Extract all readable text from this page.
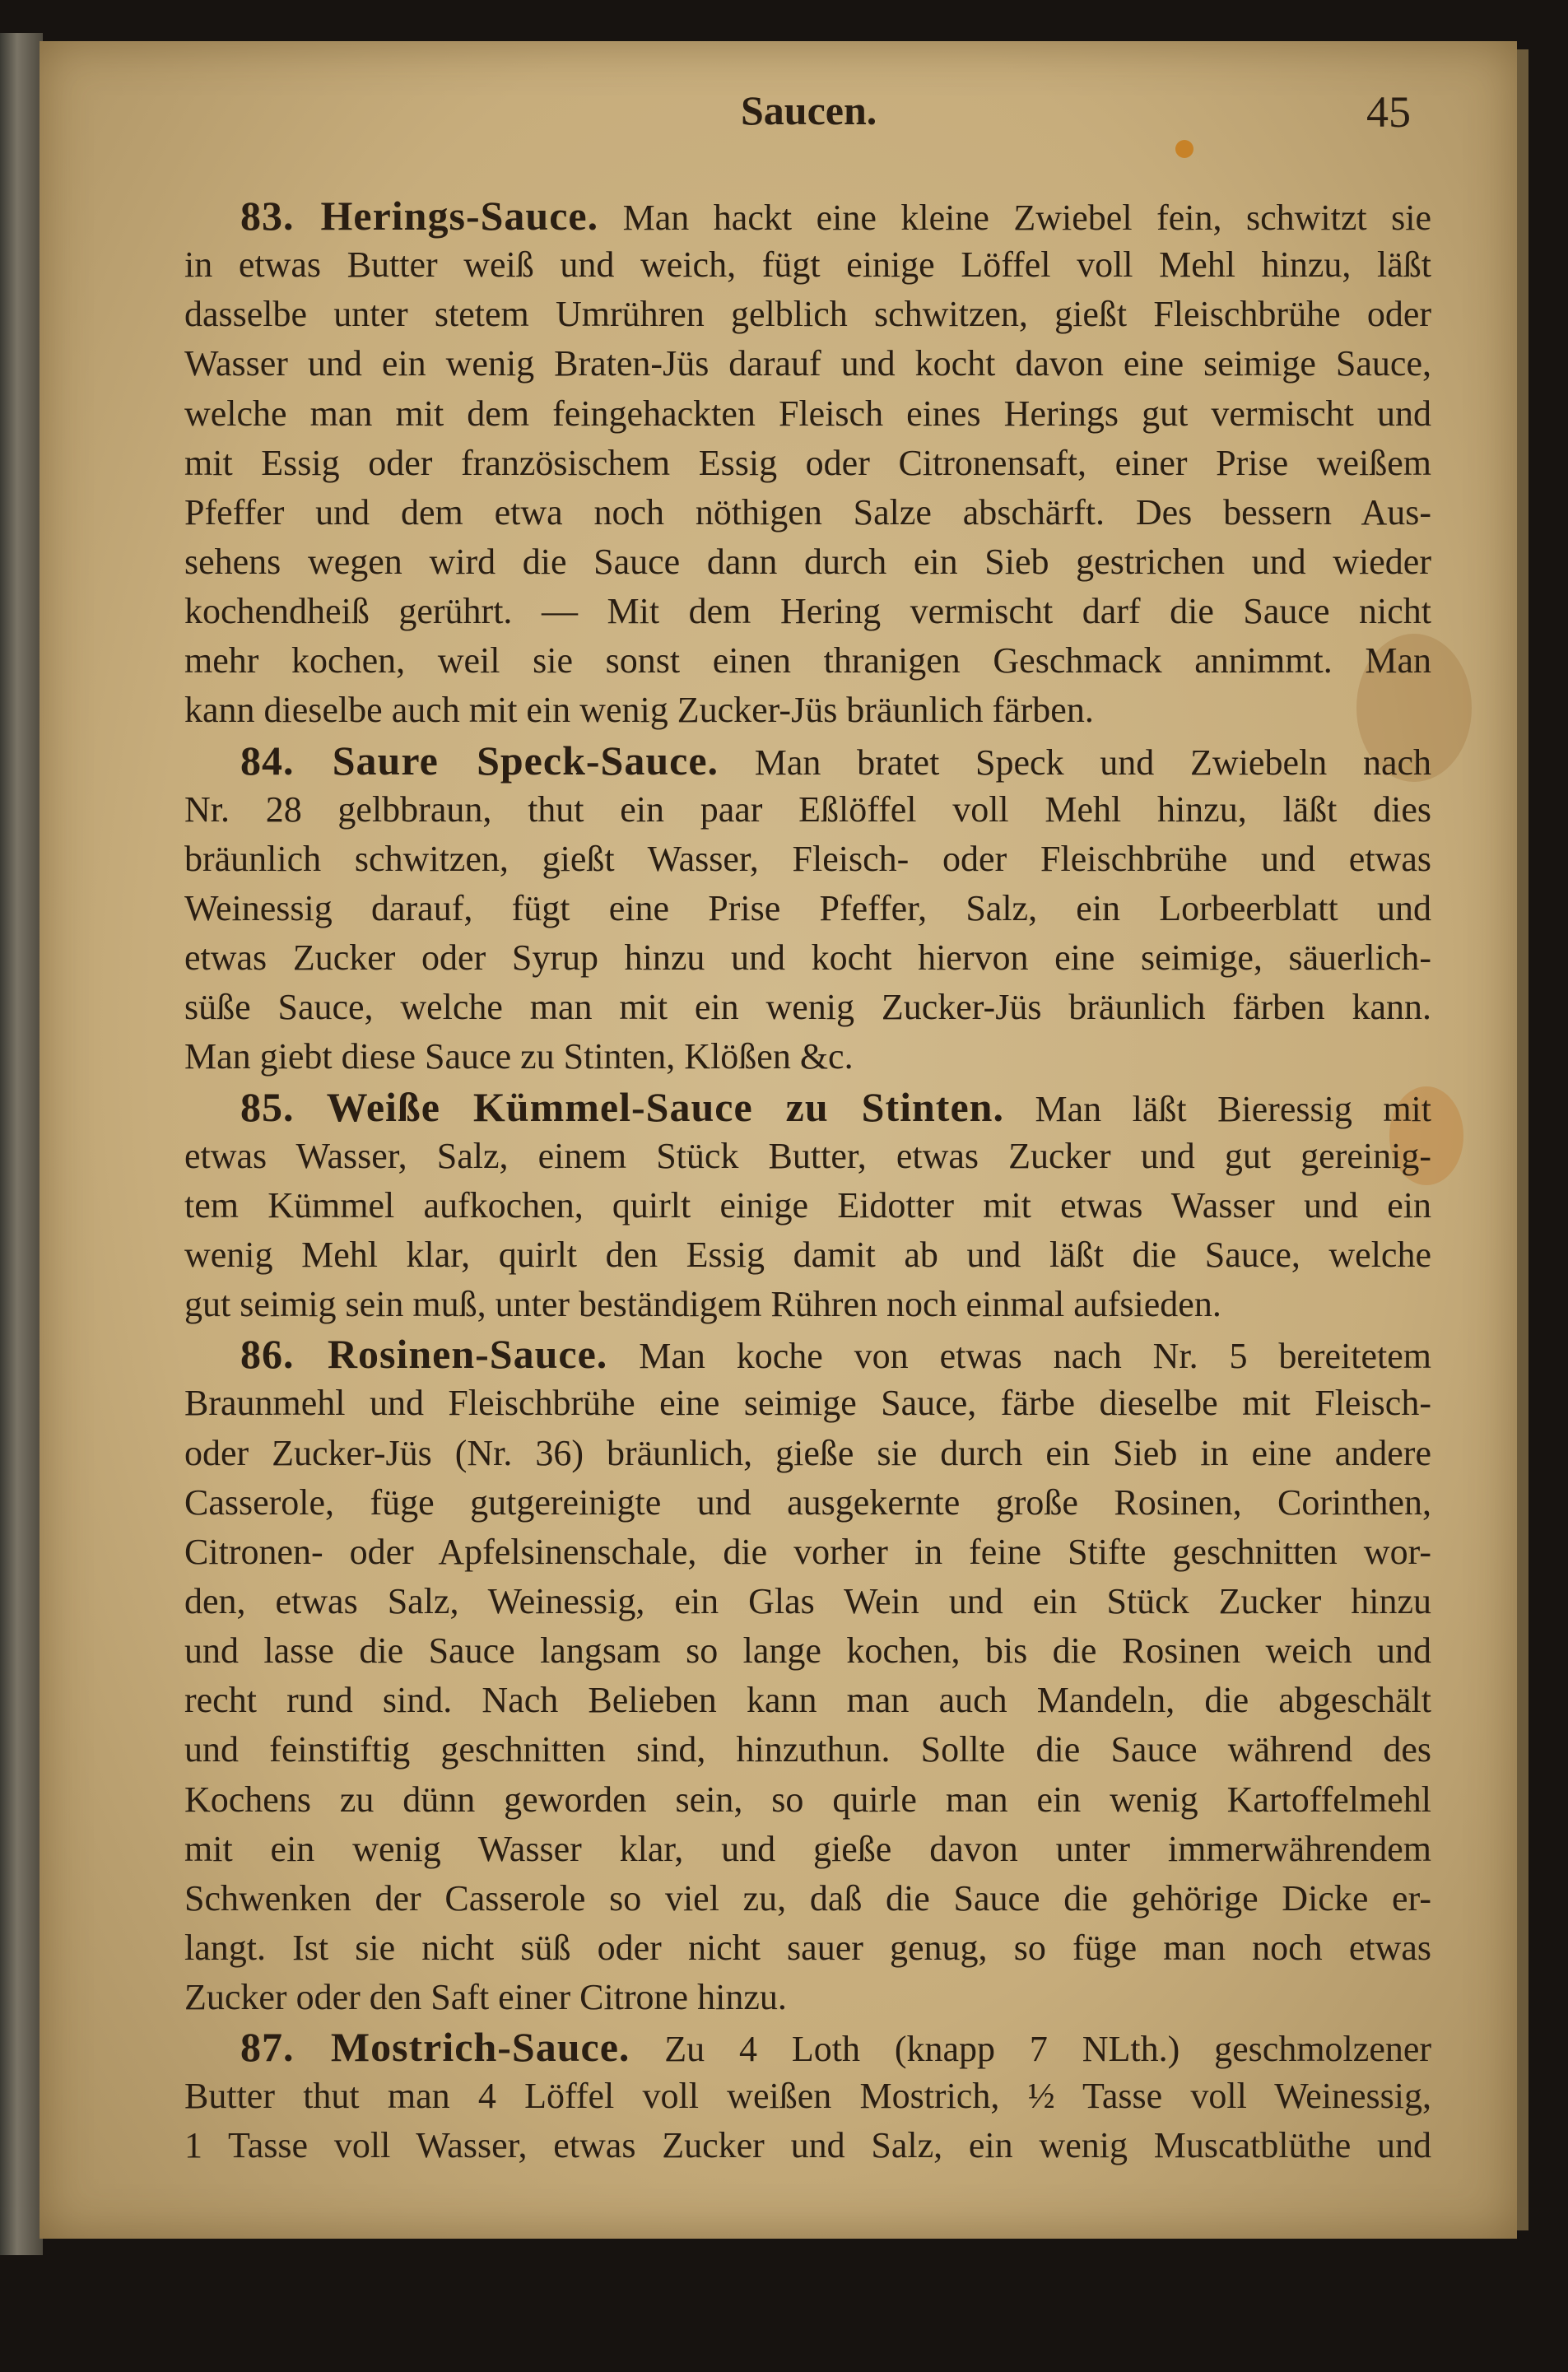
Saucen.	45
83. Herings-Sauce. Man hackt eine kleine Zwiebel fein, schwitzt sie
in etwas Butter weiß und weich, fügt einige Löffel voll Mehl hinzu, läßt
dasselbe unter stetem Umrühren gelblich schwitzen, gießt Fleischbrühe oder
Wasser und ein wenig Braten-Jüs darauf und kocht davon eine seimige Sauce,
welche man mit dem feingehackten Fleisch eines Herings gut vermischt und
mit Essig oder französischem Essig oder Citronensaft, einer Prise weißem
Pfeffer und dem etwa noch nöthigen Salze abschärft. Des bessern Aus-
sehens wegen wird die Sauce dann durch ein Sieb gestrichen und wieder
kochendheiß gerührt. — Mit dem Hering vermischt darf die Sauce nicht
mehr kochen, weil sie sonst einen thranigen Geschmack annimmt. Man
kann dieselbe auch mit ein wenig Zucker-Jüs bräunlich färben.
84. Saure Speck-Sauce. Man bratet Speck und Zwiebeln nach
Nr. 28 gelbbraun, thut ein paar Eßlöffel voll Mehl hinzu, läßt dies
bräunlich schwitzen, gießt Wasser, Fleisch- oder Fleischbrühe und etwas
Weinessig darauf, fügt eine Prise Pfeffer, Salz, ein Lorbeerblatt und
etwas Zucker oder Syrup hinzu und kocht hiervon eine seimige, säuerlich-
süße Sauce, welche man mit ein wenig Zucker-Jüs bräunlich färben kann.
Man giebt diese Sauce zu Stinten, Klößen &c.
85. Weiße Kümmel-Sauce zu Stinten. Man läßt Bieressig mit
etwas Wasser, Salz, einem Stück Butter, etwas Zucker und gut gereinig-
tem Kümmel aufkochen, quirlt einige Eidotter mit etwas Wasser und ein
wenig Mehl klar, quirlt den Essig damit ab und läßt die Sauce, welche
gut seimig sein muß, unter beständigem Rühren noch einmal aufsieden.
86. Rosinen-Sauce. Man koche von etwas nach Nr. 5 bereitetem
Braunmehl und Fleischbrühe eine seimige Sauce, färbe dieselbe mit Fleisch-
oder Zucker-Jüs (Nr. 36) bräunlich, gieße sie durch ein Sieb in eine andere
Casserole, füge gutgereinigte und ausgekernte große Rosinen, Corinthen,
Citronen- oder Apfelsinenschale, die vorher in feine Stifte geschnitten wor-
den, etwas Salz, Weinessig, ein Glas Wein und ein Stück Zucker hinzu
und lasse die Sauce langsam so lange kochen, bis die Rosinen weich und
recht rund sind. Nach Belieben kann man auch Mandeln, die abgeschält
und feinstiftig geschnitten sind, hinzuthun. Sollte die Sauce während des
Kochens zu dünn geworden sein, so quirle man ein wenig Kartoffelmehl
mit ein wenig Wasser klar, und gieße davon unter immerwährendem
Schwenken der Casserole so viel zu, daß die Sauce die gehörige Dicke er-
langt. Ist sie nicht süß oder nicht sauer genug, so füge man noch etwas
Zucker oder den Saft einer Citrone hinzu.
87. Mostrich-Sauce. Zu 4 Loth (knapp 7 NLth.) geschmolzener
Butter thut man 4 Löffel voll weißen Mostrich, ½ Tasse voll Weinessig,
1 Tasse voll Wasser, etwas Zucker und Salz, ein wenig Muscatblüthe und
